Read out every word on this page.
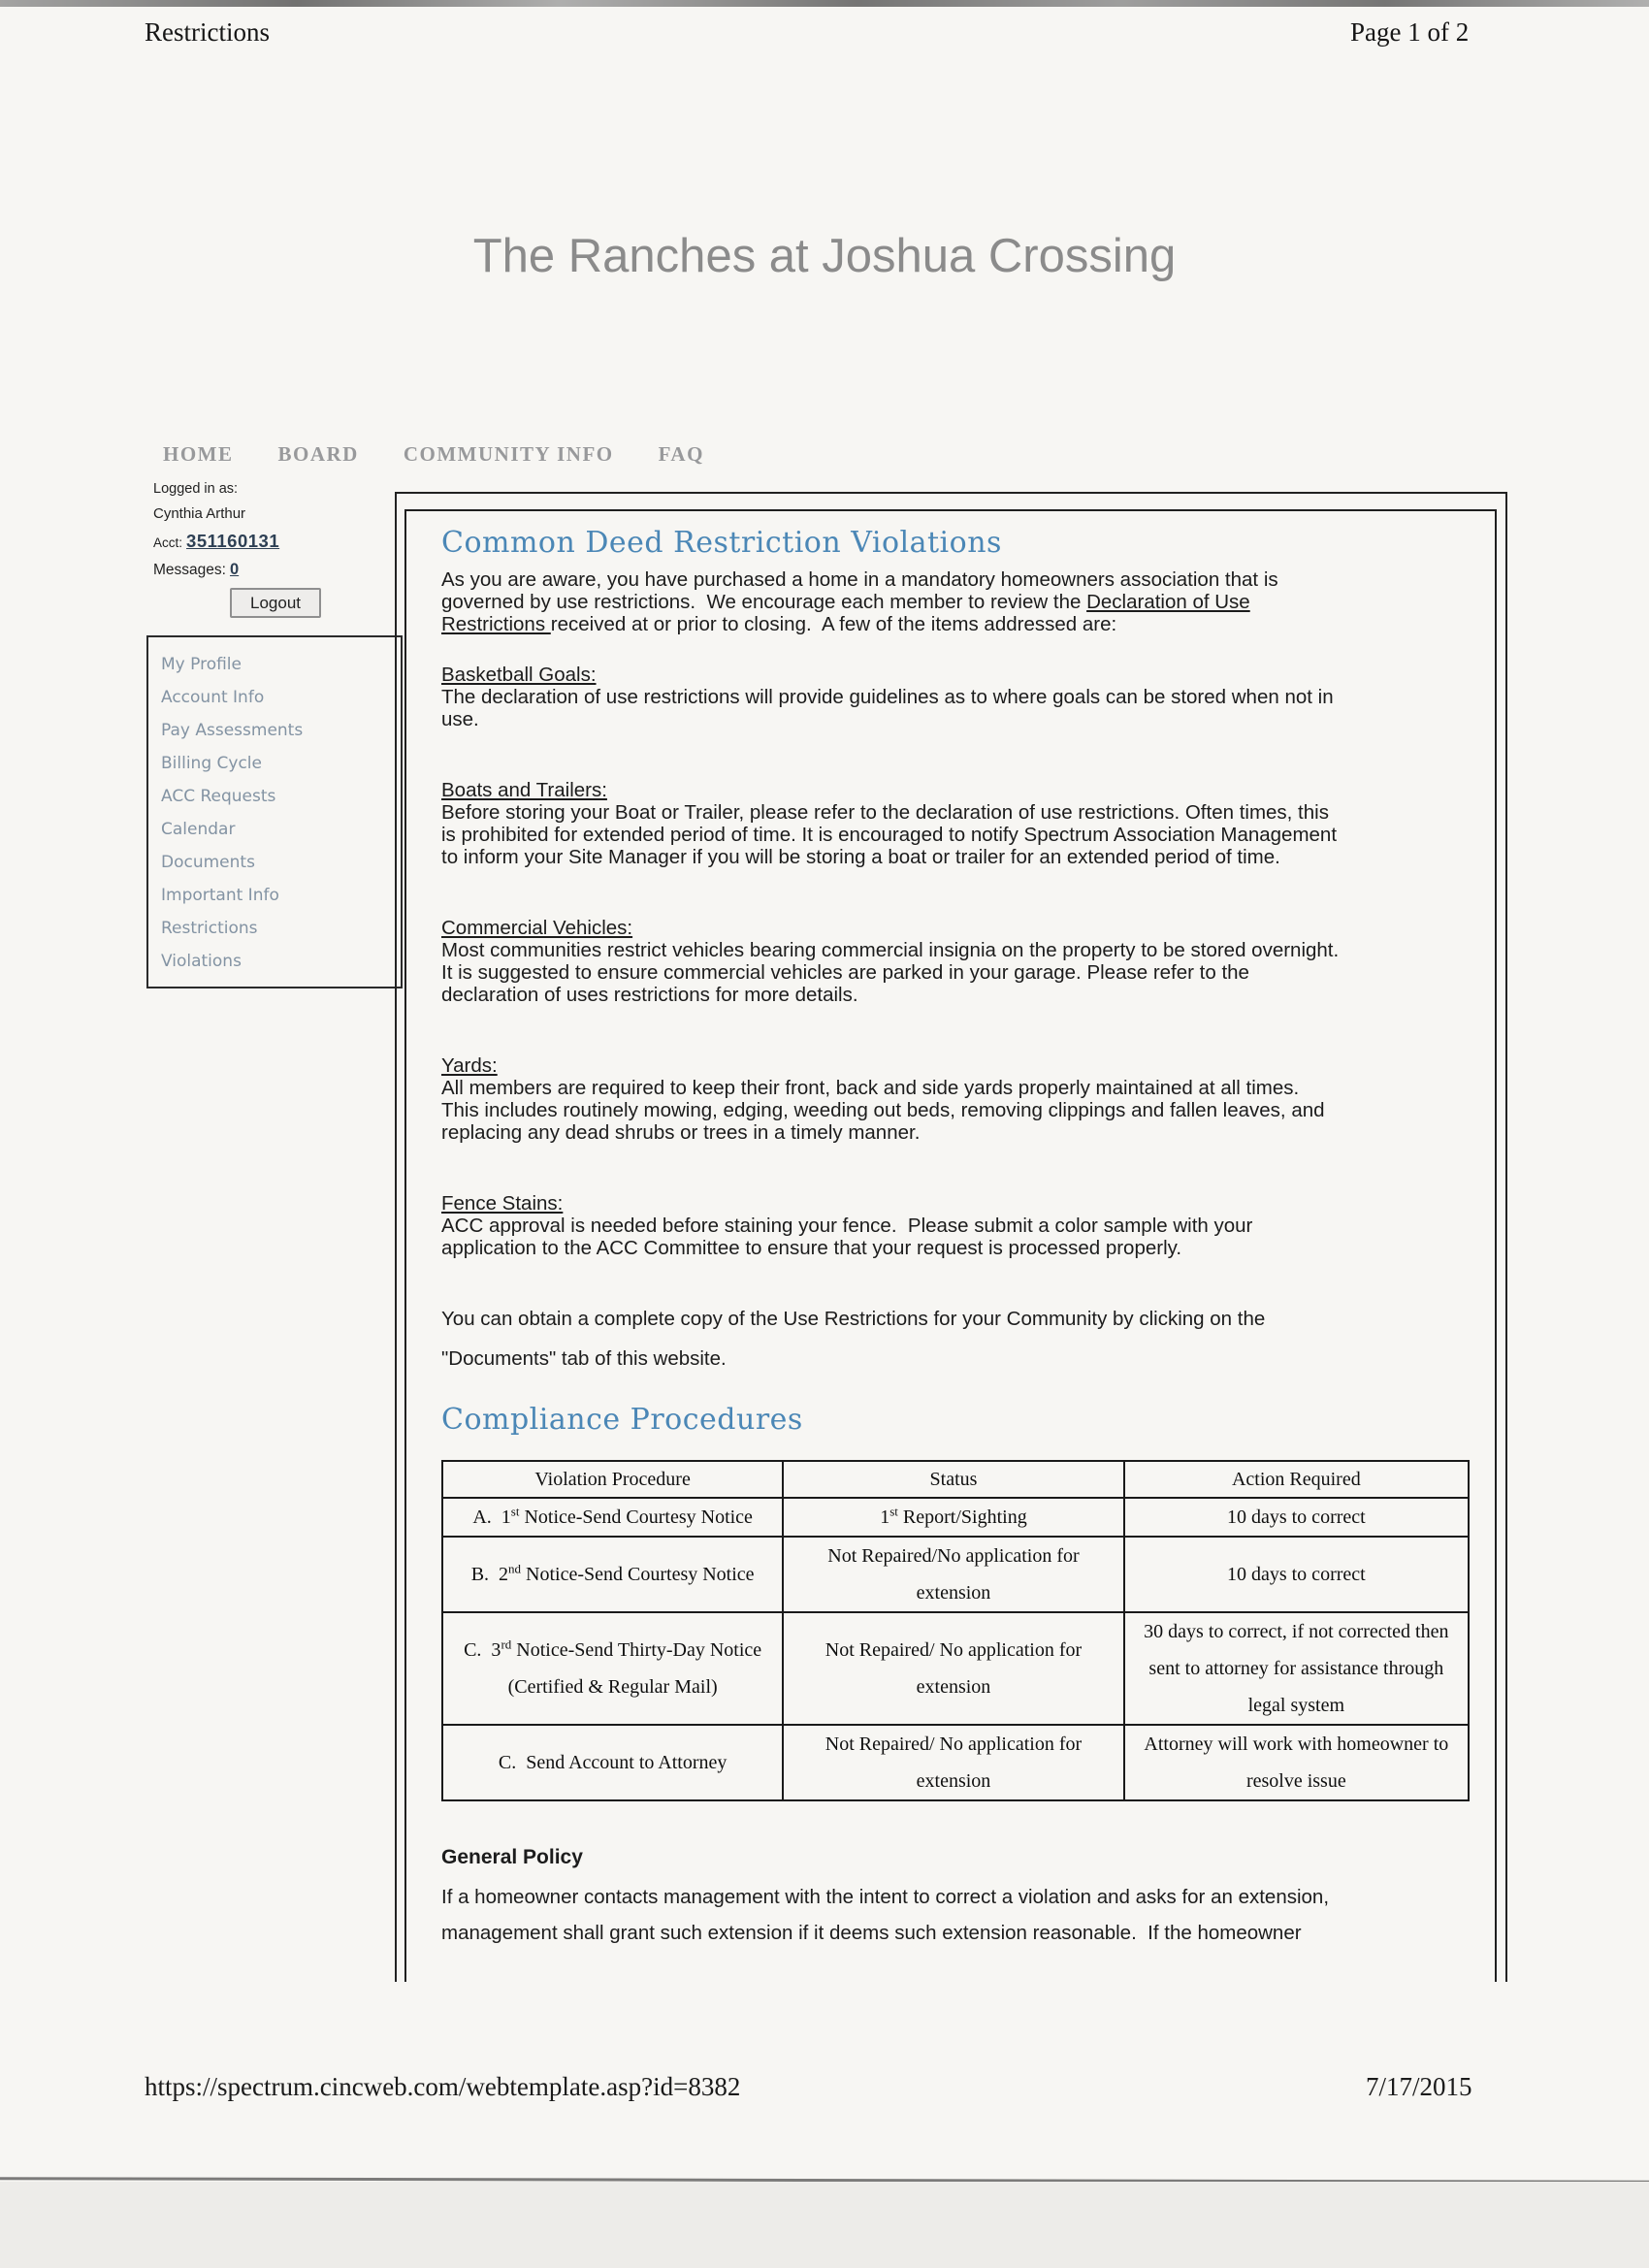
Restrictions	Page 1 of 2
The Ranches at Joshua Crossing
HOME BOARD COMMUNITY INFO FAQ
Logged in as:
Cynthia Arthur
Acct: 351160131
Messages: 0
Logout
My Profile
Account Info
Pay Assessments
Billing Cycle
ACC Requests
Calendar
Documents
Important Info
Restrictions
Violations
Common Deed Restriction Violations
As you are aware, you have purchased a home in a mandatory homeowners association that is
governed by use restrictions.  We encourage each member to review the Declaration of Use
Restrictions received at or prior to closing.  A few of the items addressed are:
Basketball Goals:
The declaration of use restrictions will provide guidelines as to where goals can be stored when not in
use.
Boats and Trailers:
Before storing your Boat or Trailer, please refer to the declaration of use restrictions. Often times, this
is prohibited for extended period of time. It is encouraged to notify Spectrum Association Management
to inform your Site Manager if you will be storing a boat or trailer for an extended period of time.
Commercial Vehicles:
Most communities restrict vehicles bearing commercial insignia on the property to be stored overnight.
It is suggested to ensure commercial vehicles are parked in your garage. Please refer to the
declaration of uses restrictions for more details.
Yards:
All members are required to keep their front, back and side yards properly maintained at all times.
This includes routinely mowing, edging, weeding out beds, removing clippings and fallen leaves, and
replacing any dead shrubs or trees in a timely manner.
Fence Stains:
ACC approval is needed before staining your fence.  Please submit a color sample with your
application to the ACC Committee to ensure that your request is processed properly.
You can obtain a complete copy of the Use Restrictions for your Community by clicking on the
"Documents" tab of this website.
Compliance Procedures
Violation Procedure	Status	Action Required
A.  1st Notice-Send Courtesy Notice	1st Report/Sighting	10 days to correct
B.  2nd Notice-Send Courtesy Notice	Not Repaired/No application for extension	10 days to correct
C.  3rd Notice-Send Thirty-Day Notice (Certified & Regular Mail)	Not Repaired/ No application for extension	30 days to correct, if not corrected then sent to attorney for assistance through legal system
C.  Send Account to Attorney	Not Repaired/ No application for extension	Attorney will work with homeowner to resolve issue
General Policy
If a homeowner contacts management with the intent to correct a violation and asks for an extension,
management shall grant such extension if it deems such extension reasonable.  If the homeowner
https://spectrum.cincweb.com/webtemplate.asp?id=8382	7/17/2015
